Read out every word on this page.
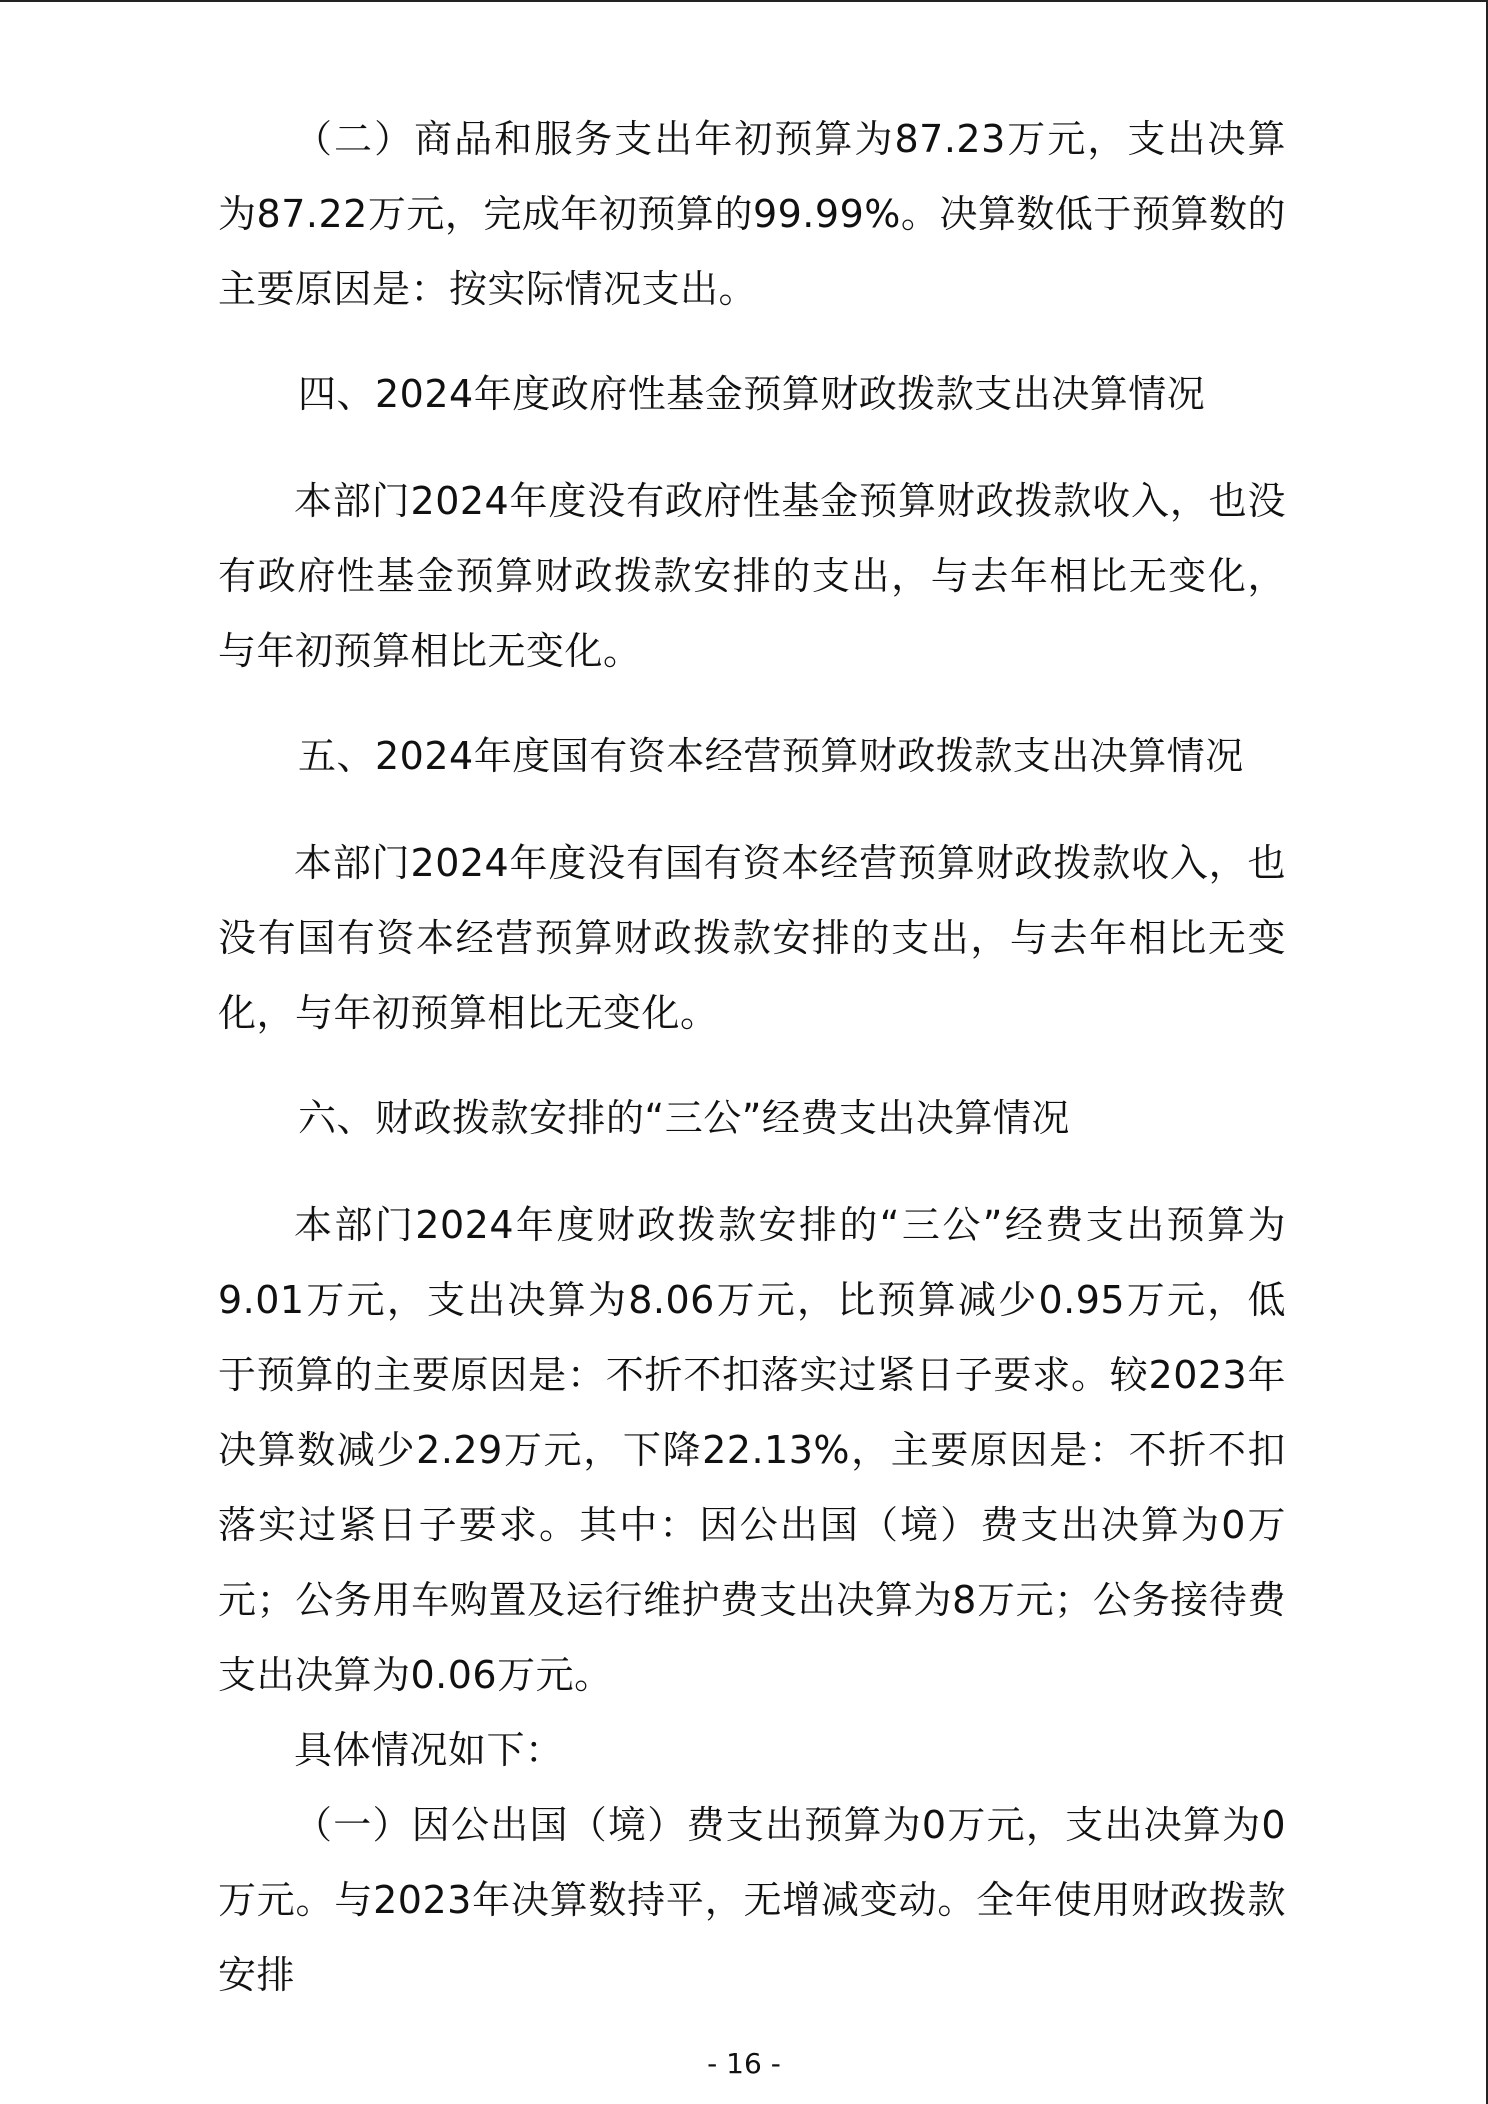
（二）商品和服务支出年初预算为87.23万元，支出决算为87.22万元，完成年初预算的99.99%。决算数低于预算数的主要原因是：按实际情况支出。

四、2024年度政府性基金预算财政拨款支出决算情况

本部门2024年度没有政府性基金预算财政拨款收入，也没有政府性基金预算财政拨款安排的支出，与去年相比无变化，与年初预算相比无变化。

五、2024年度国有资本经营预算财政拨款支出决算情况

本部门2024年度没有国有资本经营预算财政拨款收入，也没有国有资本经营预算财政拨款安排的支出，与去年相比无变化，与年初预算相比无变化。

六、财政拨款安排的“三公”经费支出决算情况

本部门2024年度财政拨款安排的“三公”经费支出预算为9.01万元，支出决算为8.06万元，比预算减少0.95万元，低于预算的主要原因是：不折不扣落实过紧日子要求。较2023年决算数减少2.29万元，下降22.13%，主要原因是：不折不扣落实过紧日子要求。其中：因公出国（境）费支出决算为0万元；公务用车购置及运行维护费支出决算为8万元；公务接待费支出决算为0.06万元。

具体情况如下：

（一）因公出国（境）费支出预算为0万元，支出决算为0万元。与2023年决算数持平，无增减变动。全年使用财政拨款安排

- 16 -
